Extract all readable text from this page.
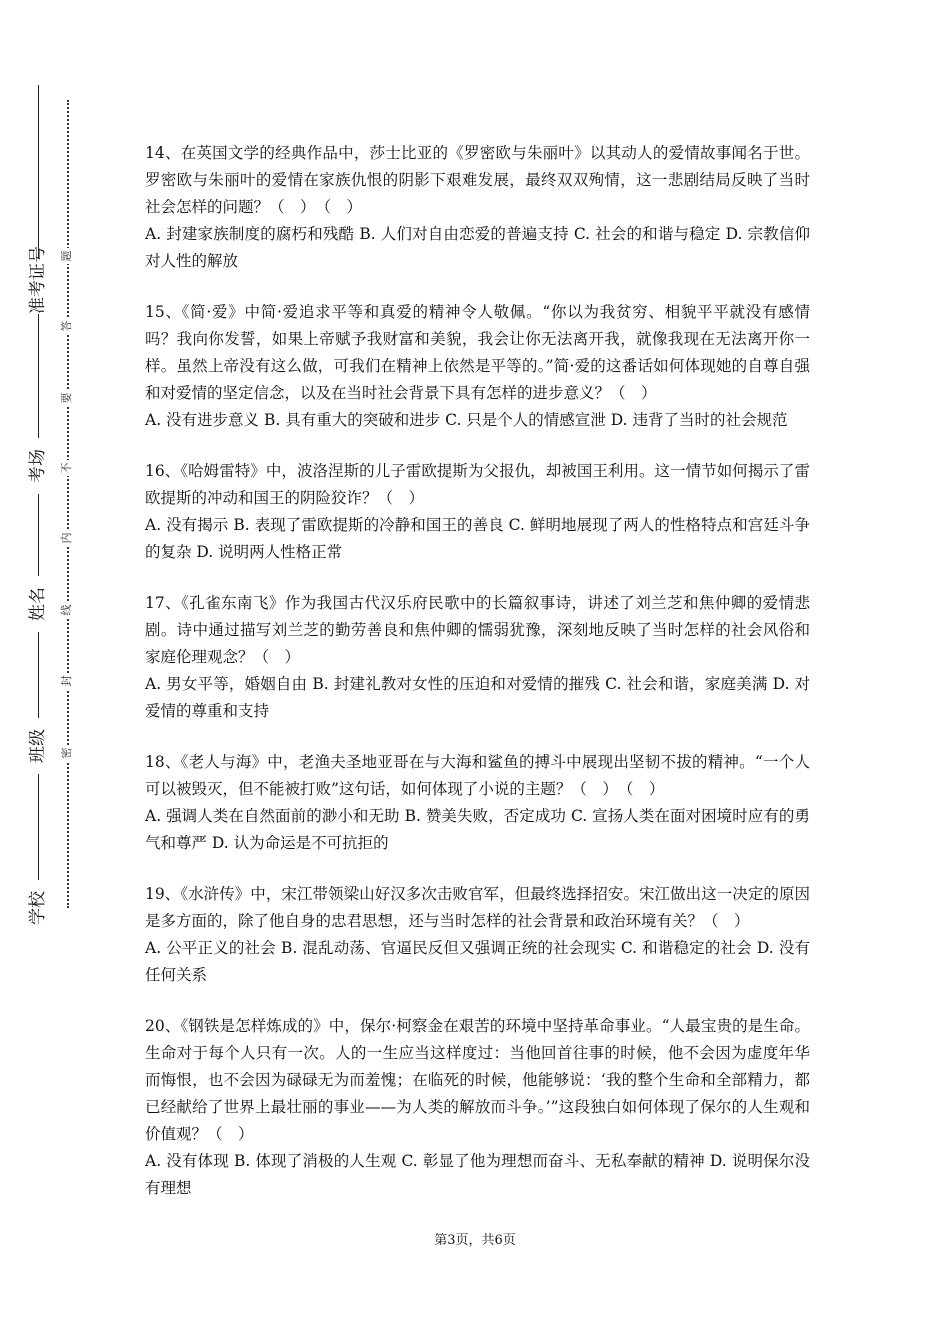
准考证号
考场
姓名
班级
学校
题
答
要
不
内
线
封
密

14、在英国文学的经典作品中，莎士比亚的《罗密欧与朱丽叶》以其动人的爱情故事闻名于世。罗密欧与朱丽叶的爱情在家族仇恨的阴影下艰难发展，最终双双殉情，这一悲剧结局反映了当时社会怎样的问题？（　）　（　）

A. 封建家族制度的腐朽和残酷 B. 人们对自由恋爱的普遍支持 C. 社会的和谐与稳定 D. 宗教信仰对人性的解放

15、《简·爱》中简·爱追求平等和真爱的精神令人敬佩。“你以为我贫穷、相貌平平就没有感情吗？我向你发誓，如果上帝赋予我财富和美貌，我会让你无法离开我，就像我现在无法离开你一样。虽然上帝没有这么做，可我们在精神上依然是平等的。”简·爱的这番话如何体现她的自尊自强和对爱情的坚定信念，以及在当时社会背景下具有怎样的进步意义？（　）

A. 没有进步意义 B. 具有重大的突破和进步 C. 只是个人的情感宣泄 D. 违背了当时的社会规范

16、《哈姆雷特》中，波洛涅斯的儿子雷欧提斯为父报仇，却被国王利用。这一情节如何揭示了雷欧提斯的冲动和国王的阴险狡诈？（　）

A. 没有揭示 B. 表现了雷欧提斯的冷静和国王的善良 C. 鲜明地展现了两人的性格特点和宫廷斗争的复杂 D. 说明两人性格正常

17、《孔雀东南飞》作为我国古代汉乐府民歌中的长篇叙事诗，讲述了刘兰芝和焦仲卿的爱情悲剧。诗中通过描写刘兰芝的勤劳善良和焦仲卿的懦弱犹豫，深刻地反映了当时怎样的社会风俗和家庭伦理观念？（　）

A. 男女平等，婚姻自由 B. 封建礼教对女性的压迫和对爱情的摧残 C. 社会和谐，家庭美满 D. 对爱情的尊重和支持

18、《老人与海》中，老渔夫圣地亚哥在与大海和鲨鱼的搏斗中展现出坚韧不拔的精神。“一个人可以被毁灭，但不能被打败”这句话，如何体现了小说的主题？（　）　（　）

A. 强调人类在自然面前的渺小和无助 B. 赞美失败，否定成功 C. 宣扬人类在面对困境时应有的勇气和尊严 D. 认为命运是不可抗拒的

19、《水浒传》中，宋江带领梁山好汉多次击败官军，但最终选择招安。宋江做出这一决定的原因是多方面的，除了他自身的忠君思想，还与当时怎样的社会背景和政治环境有关？（　）

A. 公平正义的社会 B. 混乱动荡、官逼民反但又强调正统的社会现实 C. 和谐稳定的社会 D. 没有任何关系

20、《钢铁是怎样炼成的》中，保尔·柯察金在艰苦的环境中坚持革命事业。“人最宝贵的是生命。生命对于每个人只有一次。人的一生应当这样度过：当他回首往事的时候，他不会因为虚度年华而悔恨，也不会因为碌碌无为而羞愧；在临死的时候，他能够说：‘我的整个生命和全部精力，都已经献给了世界上最壮丽的事业——为人类的解放而斗争。’”这段独白如何体现了保尔的人生观和价值观？（　）

A. 没有体现 B. 体现了消极的人生观 C. 彰显了他为理想而奋斗、无私奉献的精神 D. 说明保尔没有理想

第3页，共6页
